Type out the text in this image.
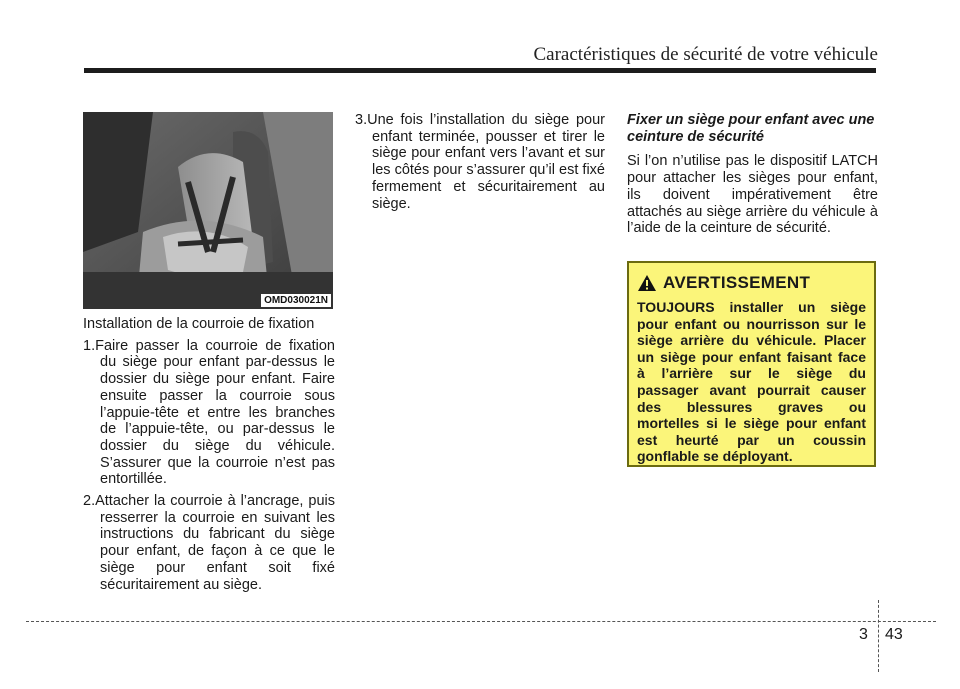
Caractéristiques de sécurité de votre véhicule
OMD030021N

Installation de la courroie de fixation

1.Faire passer la courroie de fixation du siège pour enfant par-dessus le dossier du siège pour enfant. Faire ensuite passer la courroie sous l’appuie-tête et entre les branches de l’appuie-tête, ou par-dessus le dossier du siège du véhicule. S’assurer que la courroie n’est pas entortillée.

2.Attacher la courroie à l’ancrage, puis resserrer la courroie en suivant les instructions du fabricant du siège pour enfant, de façon à ce que le siège pour enfant soit fixé sécuritairement au siège.

3.Une fois l’installation du siège pour enfant terminée, pousser et tirer le siège pour enfant vers l’avant et sur les côtés pour s’assurer qu’il est fixé fermement et sécuritairement au siège.

Fixer un siège pour enfant avec une ceinture de sécurité

Si l’on n’utilise pas le dispositif LATCH pour attacher les sièges pour enfant, ils doivent impérativement être attachés au siège arrière du véhicule à l’aide de la ceinture de sécurité.

AVERTISSEMENT

TOUJOURS installer un siège pour enfant ou nourrisson sur le siège arrière du véhicule. Placer un siège pour enfant faisant face à l’arrière sur le siège du passager avant pourrait causer des blessures graves ou mortelles si le siège pour enfant est heurté par un coussin gonflable se déployant.

3 43
